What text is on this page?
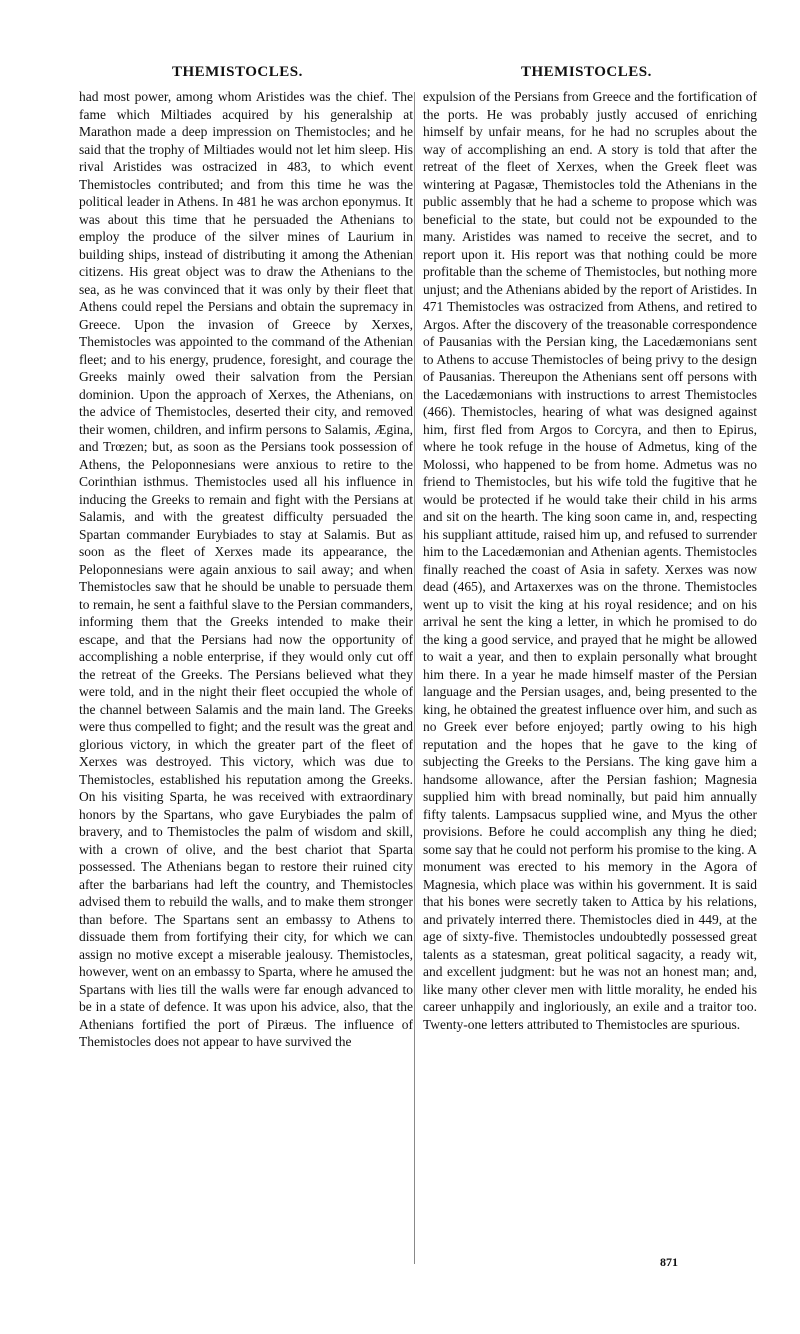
THEMISTOCLES.	THEMISTOCLES.

had most power, among whom Aristides was the chief. The fame which Miltiades acquired by his generalship at Marathon made a deep impression on Themistocles; and he said that the trophy of Miltiades would not let him sleep. His rival Aristides was ostracized in 483, to which event Themistocles contributed; and from this time he was the political leader in Athens. In 481 he was archon eponymus. It was about this time that he persuaded the Athenians to employ the produce of the silver mines of Laurium in building ships, instead of distributing it among the Athenian citizens. His great object was to draw the Athenians to the sea, as he was convinced that it was only by their fleet that Athens could repel the Persians and obtain the supremacy in Greece. Upon the invasion of Greece by Xerxes, Themistocles was appointed to the command of the Athenian fleet; and to his energy, prudence, foresight, and courage the Greeks mainly owed their salvation from the Persian dominion. Upon the approach of Xerxes, the Athenians, on the advice of Themistocles, deserted their city, and removed their women, children, and infirm persons to Salamis, Ægina, and Trœzen; but, as soon as the Persians took possession of Athens, the Peloponnesians were anxious to retire to the Corinthian isthmus. Themistocles used all his influence in inducing the Greeks to remain and fight with the Persians at Salamis, and with the greatest difficulty persuaded the Spartan commander Eurybiades to stay at Salamis. But as soon as the fleet of Xerxes made its appearance, the Peloponnesians were again anxious to sail away; and when Themistocles saw that he should be unable to persuade them to remain, he sent a faithful slave to the Persian commanders, informing them that the Greeks intended to make their escape, and that the Persians had now the opportunity of accomplishing a noble enterprise, if they would only cut off the retreat of the Greeks. The Persians believed what they were told, and in the night their fleet occupied the whole of the channel between Salamis and the main land. The Greeks were thus compelled to fight; and the result was the great and glorious victory, in which the greater part of the fleet of Xerxes was destroyed. This victory, which was due to Themistocles, established his reputation among the Greeks. On his visiting Sparta, he was received with extraordinary honors by the Spartans, who gave Eurybiades the palm of bravery, and to Themistocles the palm of wisdom and skill, with a crown of olive, and the best chariot that Sparta possessed. The Athenians began to restore their ruined city after the barbarians had left the country, and Themistocles advised them to rebuild the walls, and to make them stronger than before. The Spartans sent an embassy to Athens to dissuade them from fortifying their city, for which we can assign no motive except a miserable jealousy. Themistocles, however, went on an embassy to Sparta, where he amused the Spartans with lies till the walls were far enough advanced to be in a state of defence. It was upon his advice, also, that the Athenians fortified the port of Piræus. The influence of Themistocles does not appear to have survived the

expulsion of the Persians from Greece and the fortification of the ports. He was probably justly accused of enriching himself by unfair means, for he had no scruples about the way of accomplishing an end. A story is told that after the retreat of the fleet of Xerxes, when the Greek fleet was wintering at Pagasæ, Themistocles told the Athenians in the public assembly that he had a scheme to propose which was beneficial to the state, but could not be expounded to the many. Aristides was named to receive the secret, and to report upon it. His report was that nothing could be more profitable than the scheme of Themistocles, but nothing more unjust; and the Athenians abided by the report of Aristides. In 471 Themistocles was ostracized from Athens, and retired to Argos. After the discovery of the treasonable correspondence of Pausanias with the Persian king, the Lacedæmonians sent to Athens to accuse Themistocles of being privy to the design of Pausanias. Thereupon the Athenians sent off persons with the Lacedæmonians with instructions to arrest Themistocles (466). Themistocles, hearing of what was designed against him, first fled from Argos to Corcyra, and then to Epirus, where he took refuge in the house of Admetus, king of the Molossi, who happened to be from home. Admetus was no friend to Themistocles, but his wife told the fugitive that he would be protected if he would take their child in his arms and sit on the hearth. The king soon came in, and, respecting his suppliant attitude, raised him up, and refused to surrender him to the Lacedæmonian and Athenian agents. Themistocles finally reached the coast of Asia in safety. Xerxes was now dead (465), and Artaxerxes was on the throne. Themistocles went up to visit the king at his royal residence; and on his arrival he sent the king a letter, in which he promised to do the king a good service, and prayed that he might be allowed to wait a year, and then to explain personally what brought him there. In a year he made himself master of the Persian language and the Persian usages, and, being presented to the king, he obtained the greatest influence over him, and such as no Greek ever before enjoyed; partly owing to his high reputation and the hopes that he gave to the king of subjecting the Greeks to the Persians. The king gave him a handsome allowance, after the Persian fashion; Magnesia supplied him with bread nominally, but paid him annually fifty talents. Lampsacus supplied wine, and Myus the other provisions. Before he could accomplish any thing he died; some say that he could not perform his promise to the king. A monument was erected to his memory in the Agora of Magnesia, which place was within his government. It is said that his bones were secretly taken to Attica by his relations, and privately interred there. Themistocles died in 449, at the age of sixty-five. Themistocles undoubtedly possessed great talents as a statesman, great political sagacity, a ready wit, and excellent judgment: but he was not an honest man; and, like many other clever men with little morality, he ended his career unhappily and ingloriously, an exile and a traitor too. Twenty-one letters attributed to Themistocles are spurious.

871
